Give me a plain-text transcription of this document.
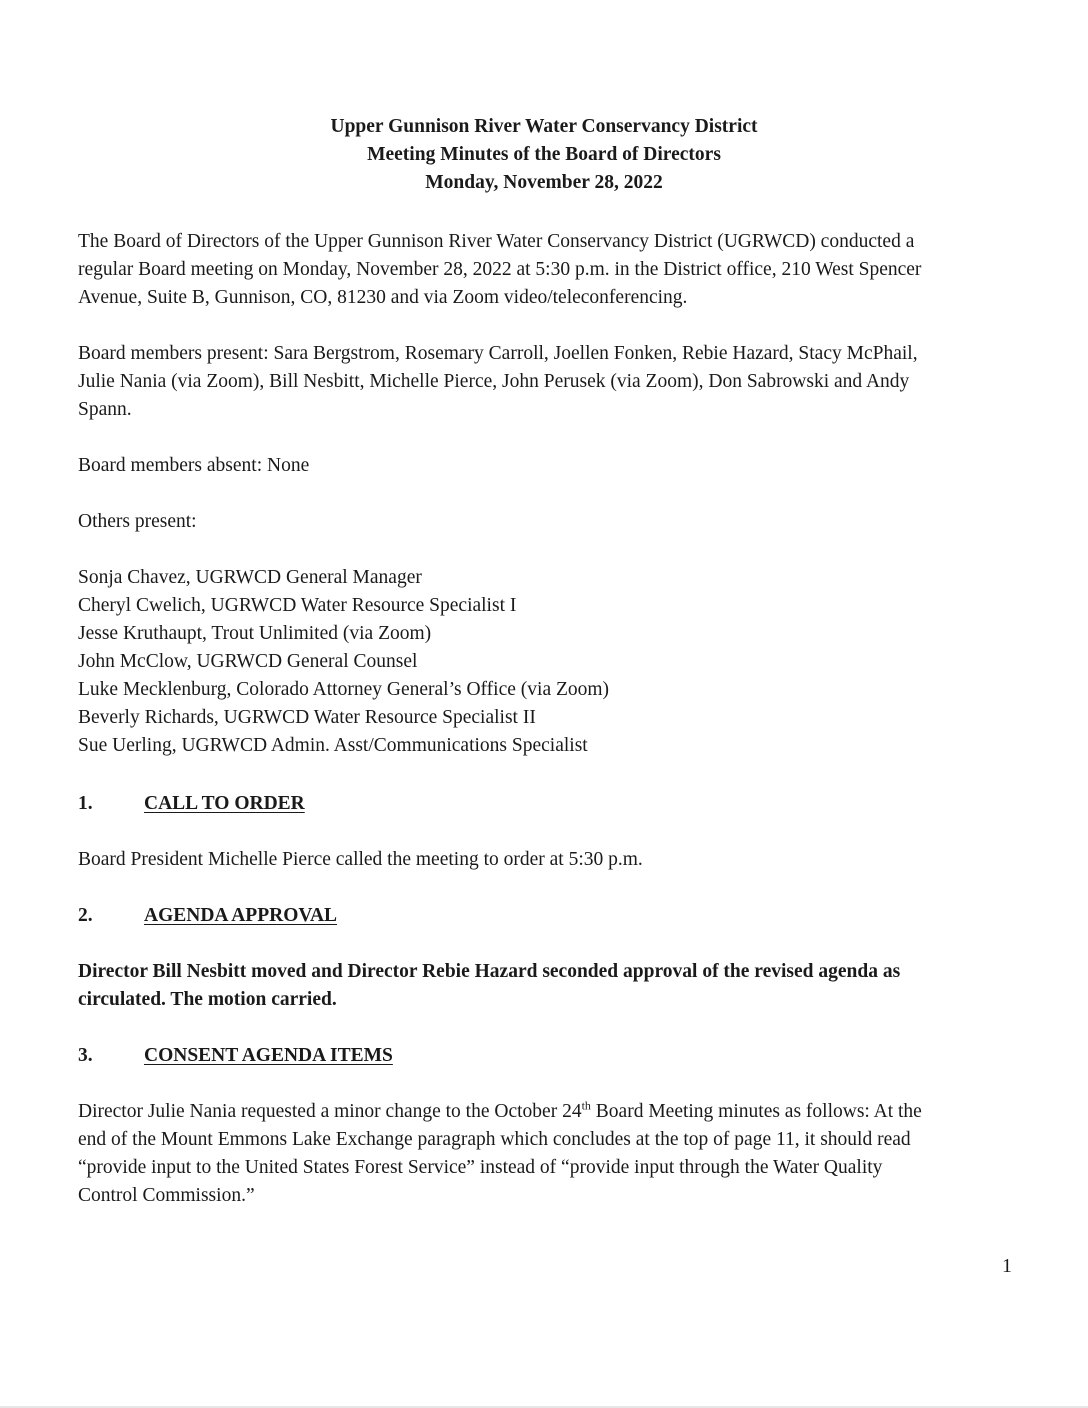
Upper Gunnison River Water Conservancy District
Meeting Minutes of the Board of Directors
Monday, November 28, 2022

The Board of Directors of the Upper Gunnison River Water Conservancy District (UGRWCD) conducted a
regular Board meeting on Monday, November 28, 2022 at 5:30 p.m. in the District office, 210 West Spencer
Avenue, Suite B, Gunnison, CO, 81230 and via Zoom video/teleconferencing.

Board members present: Sara Bergstrom, Rosemary Carroll, Joellen Fonken, Rebie Hazard, Stacy McPhail,
Julie Nania (via Zoom), Bill Nesbitt, Michelle Pierce, John Perusek (via Zoom), Don Sabrowski and Andy
Spann.

Board members absent: None

Others present:

Sonja Chavez, UGRWCD General Manager
Cheryl Cwelich, UGRWCD Water Resource Specialist I
Jesse Kruthaupt, Trout Unlimited (via Zoom)
John McClow, UGRWCD General Counsel
Luke Mecklenburg, Colorado Attorney General’s Office (via Zoom)
Beverly Richards, UGRWCD Water Resource Specialist II
Sue Uerling, UGRWCD Admin. Asst/Communications Specialist
1.	CALL TO ORDER

Board President Michelle Pierce called the meeting to order at 5:30 p.m.

2.	AGENDA APPROVAL

Director Bill Nesbitt moved and Director Rebie Hazard seconded approval of the revised agenda as
circulated. The motion carried.

3.	CONSENT AGENDA ITEMS

Director Julie Nania requested a minor change to the October 24th Board Meeting minutes as follows: At the
end of the Mount Emmons Lake Exchange paragraph which concludes at the top of page 11, it should read
“provide input to the United States Forest Service” instead of “provide input through the Water Quality
Control Commission.”

1
